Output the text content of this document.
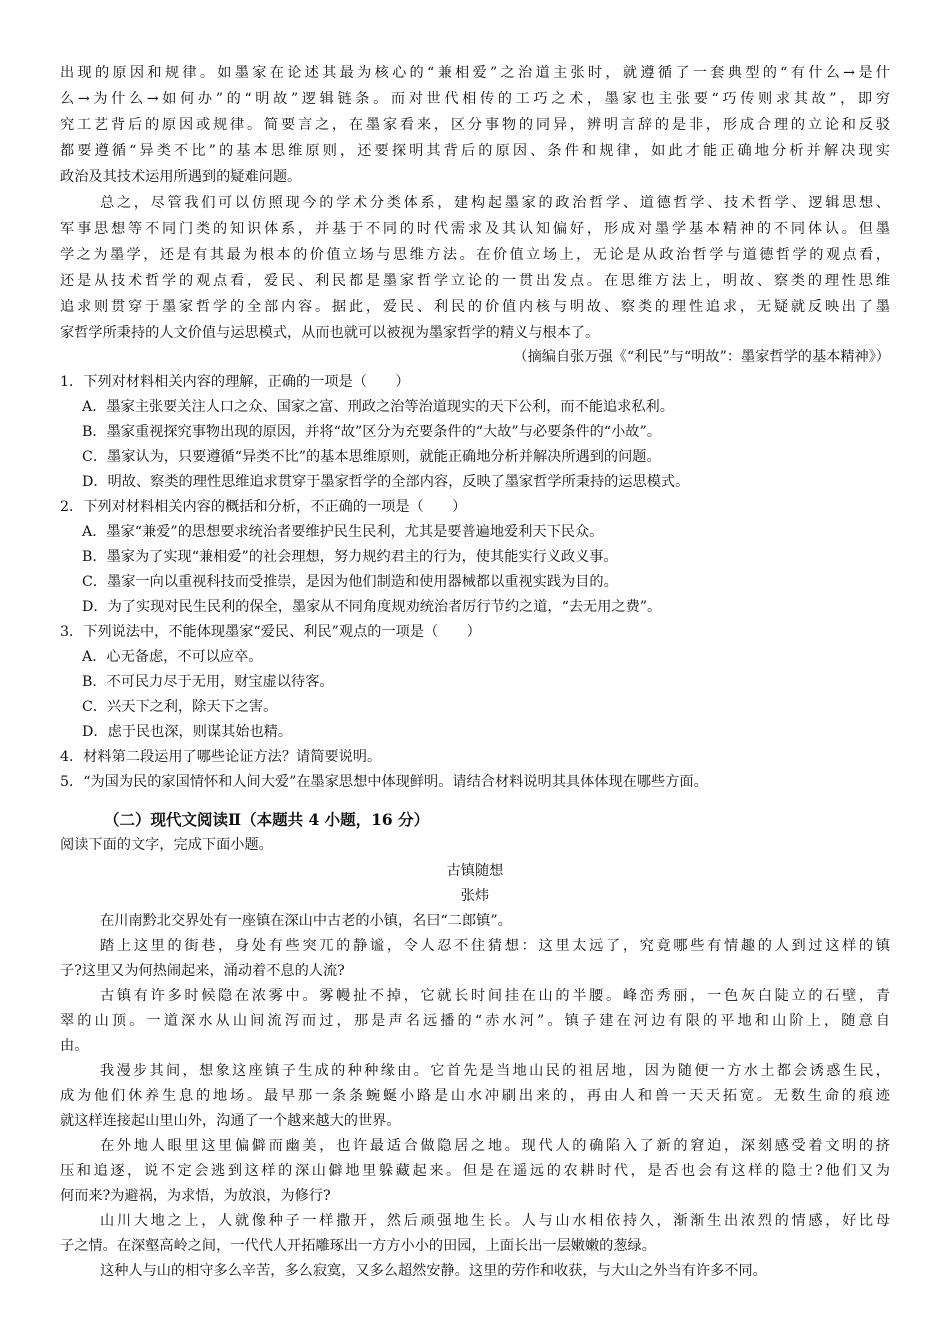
出现的原因和规律。如墨家在论述其最为核心的“兼相爱”之治道主张时，就遵循了一套典型的“有什么→是什
么→为什么→如何办”的“明故”逻辑链条。而对世代相传的工巧之术，墨家也主张要“巧传则求其故”，即穷
究工艺背后的原因或规律。简要言之，在墨家看来，区分事物的同异，辨明言辞的是非，形成合理的立论和反驳
都要遵循“异类不比”的基本思维原则，还要探明其背后的原因、条件和规律，如此才能正确地分析并解决现实
政治及其技术运用所遇到的疑难问题。
总之，尽管我们可以仿照现今的学术分类体系，建构起墨家的政治哲学、道德哲学、技术哲学、逻辑思想、
军事思想等不同门类的知识体系，并基于不同的时代需求及其认知偏好，形成对墨学基本精神的不同体认。但墨
学之为墨学，还是有其最为根本的价值立场与思维方法。在价值立场上，无论是从政治哲学与道德哲学的观点看，
还是从技术哲学的观点看，爱民、利民都是墨家哲学立论的一贯出发点。在思维方法上，明故、察类的理性思维
追求则贯穿于墨家哲学的全部内容。据此，爱民、利民的价值内核与明故、察类的理性追求，无疑就反映出了墨
家哲学所秉持的人文价值与运思模式，从而也就可以被视为墨家哲学的精义与根本了。
（摘编自张万强《“利民”与“明故”：墨家哲学的基本精神》）
1．下列对材料相关内容的理解，正确的一项是（　　）
A．墨家主张要关注人口之众、国家之富、刑政之治等治道现实的天下公利，而不能追求私利。
B．墨家重视探究事物出现的原因，并将“故”区分为充要条件的“大故”与必要条件的“小故”。
C．墨家认为，只要遵循“异类不比”的基本思维原则，就能正确地分析并解决所遇到的问题。
D．明故、察类的理性思维追求贯穿于墨家哲学的全部内容，反映了墨家哲学所秉持的运思模式。
2．下列对材料相关内容的概括和分析，不正确的一项是（　　）
A．墨家“兼爱”的思想要求统治者要维护民生民利，尤其是要普遍地爱利天下民众。
B．墨家为了实现“兼相爱”的社会理想，努力规约君主的行为，使其能实行义政义事。
C．墨家一向以重视科技而受推崇，是因为他们制造和使用器械都以重视实践为目的。
D．为了实现对民生民利的保全，墨家从不同角度规劝统治者厉行节约之道，“去无用之费”。
3．下列说法中，不能体现墨家“爱民、利民”观点的一项是（　　）
A．心无备虑，不可以应卒。
B．不可民力尽于无用，财宝虚以待客。
C．兴天下之利，除天下之害。
D．虑于民也深，则谋其始也精。
4．材料第二段运用了哪些论证方法？请简要说明。
5．“为国为民的家国情怀和人间大爱”在墨家思想中体现鲜明。请结合材料说明其具体体现在哪些方面。
（二）现代文阅读Ⅱ（本题共 4 小题，16 分）
阅读下面的文字，完成下面小题。
古镇随想
张炜
在川南黔北交界处有一座镇在深山中古老的小镇，名曰“二郎镇”。
踏上这里的街巷，身处有些突兀的静谧，令人忍不住猜想：这里太远了，究竟哪些有情趣的人到过这样的镇
子?这里又为何热闹起来，涌动着不息的人流?
古镇有许多时候隐在浓雾中。雾幔扯不掉，它就长时间挂在山的半腰。峰峦秀丽，一色灰白陡立的石壁，青
翠的山顶。一道深水从山间流泻而过，那是声名远播的“赤水河”。镇子建在河边有限的平地和山阶上，随意自
由。
我漫步其间，想象这座镇子生成的种种缘由。它首先是当地山民的祖居地，因为随便一方水土都会诱惑生民，
成为他们休养生息的地场。最早那一条条蜿蜒小路是山水冲刷出来的，再由人和兽一天天拓宽。无数生命的痕迹
就这样连接起山里山外，沟通了一个越来越大的世界。
在外地人眼里这里偏僻而幽美，也许最适合做隐居之地。现代人的确陷入了新的窘迫，深刻感受着文明的挤
压和追逐，说不定会逃到这样的深山僻地里躲藏起来。但是在遥远的农耕时代，是否也会有这样的隐士?他们又为
何而来?为避祸，为求悟，为放浪，为修行?
山川大地之上，人就像种子一样撒开，然后顽强地生长。人与山水相依持久，渐渐生出浓烈的情感，好比母
子之情。在深壑高岭之间，一代代人开拓雕琢出一方方小小的田园，上面长出一层嫩嫩的葱绿。
这种人与山的相守多么辛苦，多么寂寞，又多么超然安静。这里的劳作和收获，与大山之外当有许多不同。
